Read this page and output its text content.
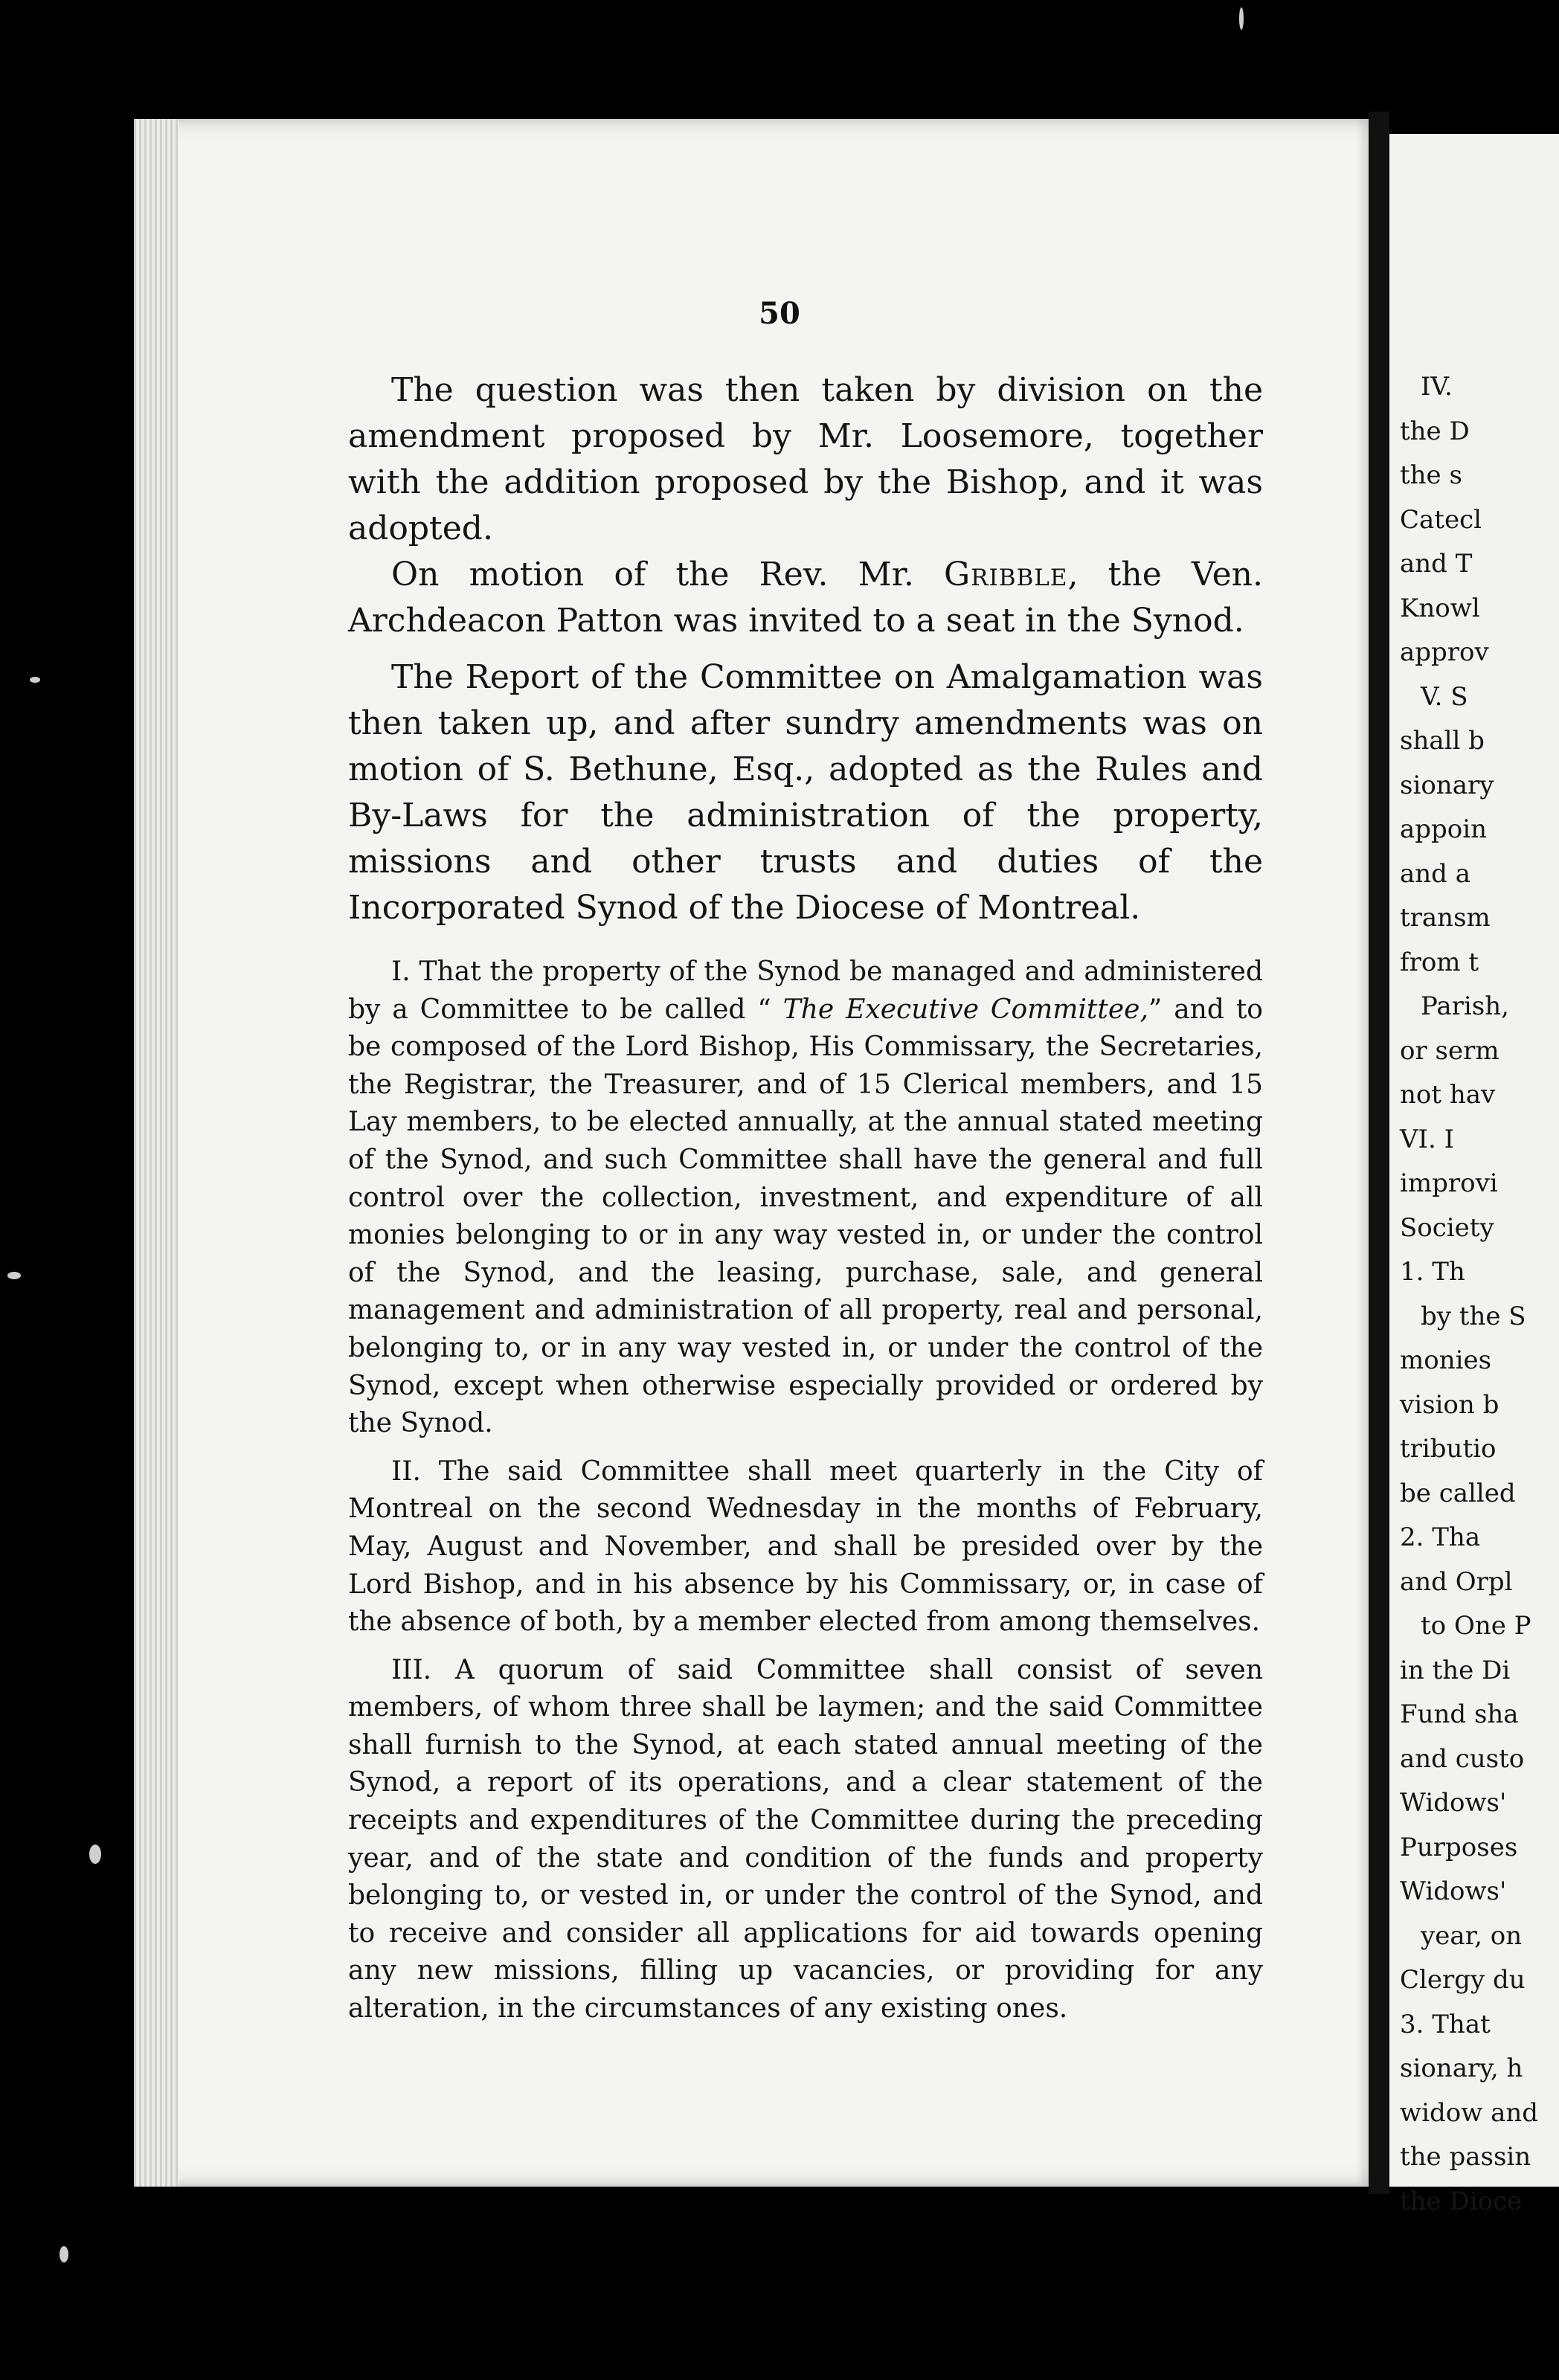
50

The question was then taken by division on the amendment proposed by Mr. Loosemore, together with the addition proposed by the Bishop, and it was adopted.

On motion of the Rev. Mr. Gribble, the Ven. Archdeacon Patton was invited to a seat in the Synod.

The Report of the Committee on Amalgamation was then taken up, and after sundry amendments was on motion of S. Bethune, Esq., adopted as the Rules and By-Laws for the administration of the property, missions and other trusts and duties of the Incorporated Synod of the Diocese of Montreal.

I. That the property of the Synod be managed and administered by a Committee to be called “ The Executive Committee,” and to be composed of the Lord Bishop, His Commissary, the Secretaries, the Registrar, the Treasurer, and of 15 Clerical members, and 15 Lay members, to be elected annually, at the annual stated meeting of the Synod, and such Committee shall have the general and full control over the collection, investment, and expenditure of all monies belonging to or in any way vested in, or under the control of the Synod, and the leasing, purchase, sale, and general management and administration of all property, real and personal, belonging to, or in any way vested in, or under the control of the Synod, except when otherwise especially provided or ordered by the Synod.

II. The said Committee shall meet quarterly in the City of Montreal on the second Wednesday in the months of February, May, August and November, and shall be presided over by the Lord Bishop, and in his absence by his Commissary, or, in case of the absence of both, by a member elected from among themselves.

III. A quorum of said Committee shall consist of seven members, of whom three shall be laymen; and the said Committee shall furnish to the Synod, at each stated annual meeting of the Synod, a report of its operations, and a clear statement of the receipts and expenditures of the Committee during the preceding year, and of the state and condition of the funds and property belonging to, or vested in, or under the control of the Synod, and to receive and consider all applications for aid towards opening any new missions, filling up vacancies, or providing for any alteration, in the circumstances of any existing ones.

IV.
the D
the s
Catecl
and T
Knowl
approv
V. S
shall b
sionary
appoin
and a
transm
from t
Parish,
or serm
not hav
VI. I
improvi
Society
1. Th
by the S
monies
vision b
tributio
be called
2. Tha
and Orpl
to One P
in the Di
Fund sha
and custo
Widows'
Purposes
Widows'
year, on
Clergy du
3. That
sionary, h
widow and
the passin
the Dioce
